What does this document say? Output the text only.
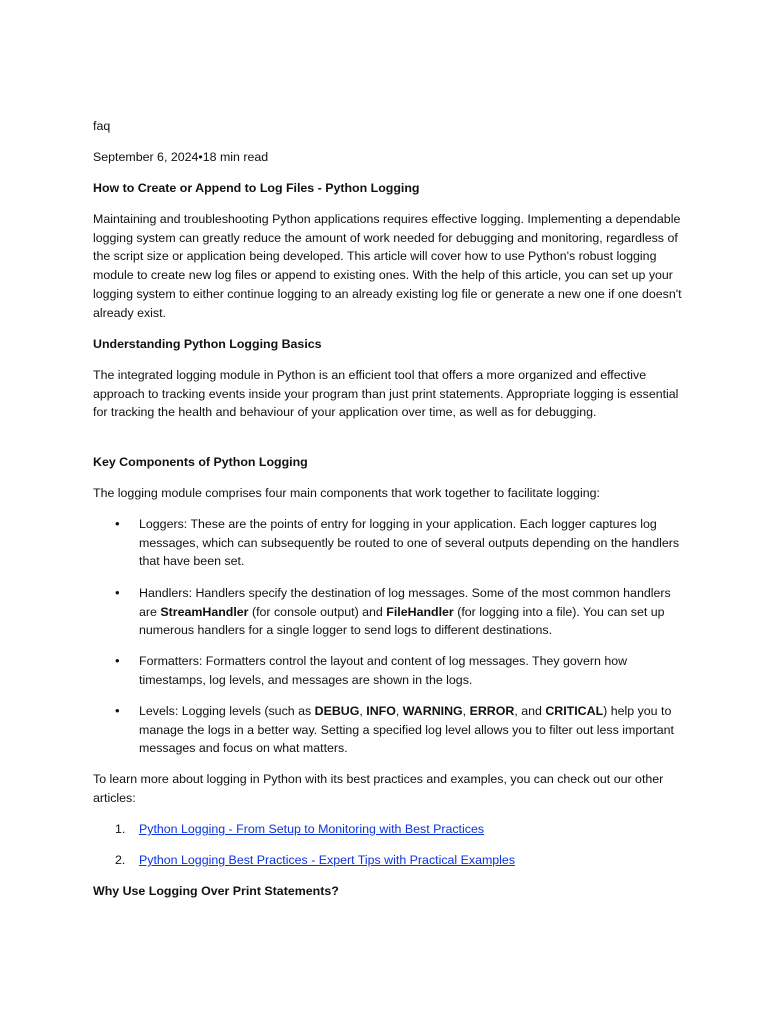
faq

September 6, 2024•18 min read

How to Create or Append to Log Files - Python Logging

Maintaining and troubleshooting Python applications requires effective logging. Implementing a dependable logging system can greatly reduce the amount of work needed for debugging and monitoring, regardless of the script size or application being developed. This article will cover how to use Python's robust logging module to create new log files or append to existing ones. With the help of this article, you can set up your logging system to either continue logging to an already existing log file or generate a new one if one doesn't already exist.

Understanding Python Logging Basics

The integrated logging module in Python is an efficient tool that offers a more organized and effective approach to tracking events inside your program than just print statements. Appropriate logging is essential for tracking the health and behaviour of your application over time, as well as for debugging.

Key Components of Python Logging

The logging module comprises four main components that work together to facilitate logging:

• Loggers: These are the points of entry for logging in your application. Each logger captures log messages, which can subsequently be routed to one of several outputs depending on the handlers that have been set.
• Handlers: Handlers specify the destination of log messages. Some of the most common handlers are StreamHandler (for console output) and FileHandler (for logging into a file). You can set up numerous handlers for a single logger to send logs to different destinations.
• Formatters: Formatters control the layout and content of log messages. They govern how timestamps, log levels, and messages are shown in the logs.
• Levels: Logging levels (such as DEBUG, INFO, WARNING, ERROR, and CRITICAL) help you to manage the logs in a better way. Setting a specified log level allows you to filter out less important messages and focus on what matters.

To learn more about logging in Python with its best practices and examples, you can check out our other articles:

1. Python Logging - From Setup to Monitoring with Best Practices
2. Python Logging Best Practices - Expert Tips with Practical Examples

Why Use Logging Over Print Statements?
